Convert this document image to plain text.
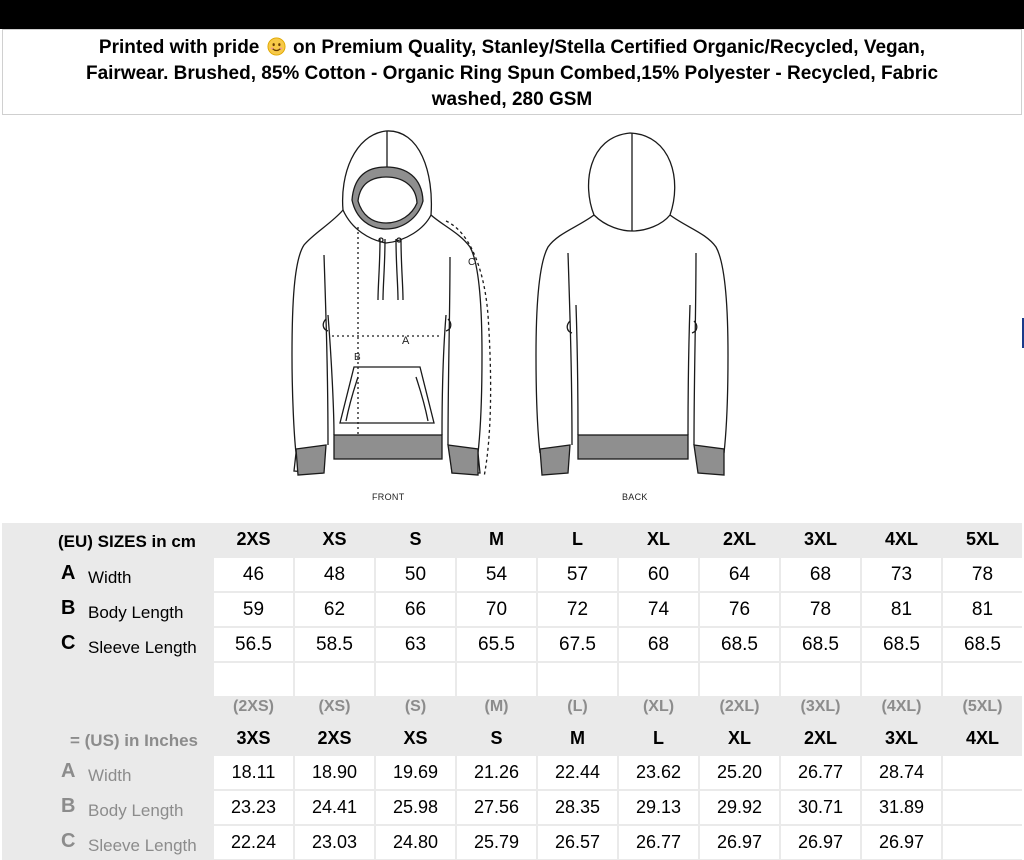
Printed with pride on Premium Quality, Stanley/Stella Certified Organic/Recycled, Vegan,
Fairwear. Brushed, 85% Cotton - Organic Ring Spun Combed,15% Polyester - Recycled, Fabric
washed, 280 GSM
A
B
C
FRONT	BACK
(EU) SIZES in cm	2XS	XS	S	M	L	XL	2XL	3XL	4XL	5XL
A Width	46	48	50	54	57	60	64	68	73	78
B Body Length	59	62	66	70	72	74	76	78	81	81
C Sleeve Length	56.5	58.5	63	65.5	67.5	68	68.5	68.5	68.5	68.5
(2XS)	(XS)	(S)	(M)	(L)	(XL)	(2XL)	(3XL)	(4XL)	(5XL)
= (US) in Inches	3XS	2XS	XS	S	M	L	XL	2XL	3XL	4XL
A Width	18.11	18.90	19.69	21.26	22.44	23.62	25.20	26.77	28.74
B Body Length	23.23	24.41	25.98	27.56	28.35	29.13	29.92	30.71	31.89
C Sleeve Length	22.24	23.03	24.80	25.79	26.57	26.77	26.97	26.97	26.97
